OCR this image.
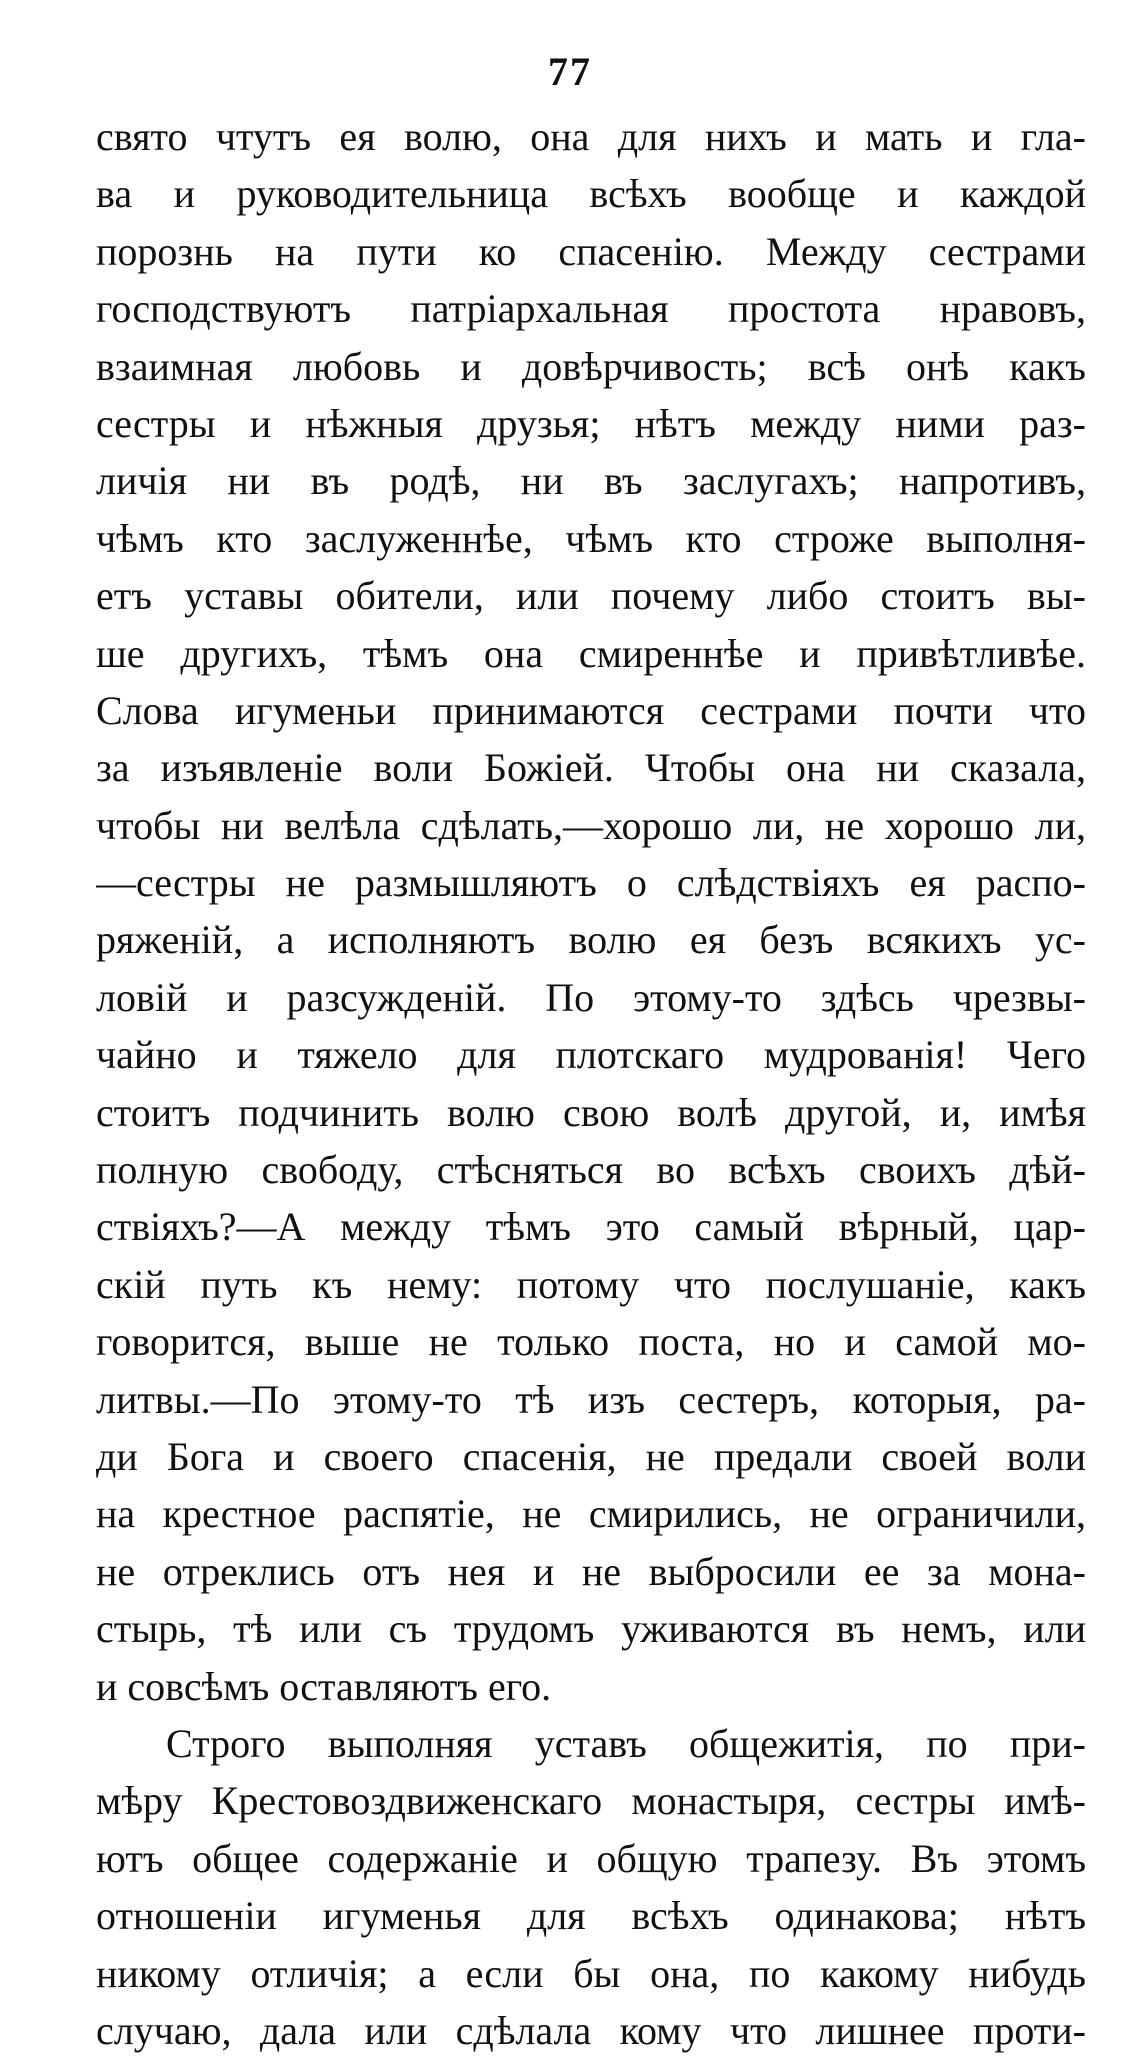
77
свято чтутъ ея волю, она для нихъ и мать и гла-
ва и руководительница всѣхъ вообще и каждой
порознь на пути ко спасенію. Между сестрами
господствуютъ патріархальная простота нравовъ,
взаимная любовь и довѣрчивость; всѣ онѣ какъ
сестры и нѣжныя друзья; нѣтъ между ними раз-
личія ни въ родѣ, ни въ заслугахъ; напротивъ,
чѣмъ кто заслуженнѣе, чѣмъ кто строже выполня-
етъ уставы обители, или почему либо стоитъ вы-
ше другихъ, тѣмъ она смиреннѣе и привѣтливѣе.
Слова игуменьи принимаются сестрами почти что
за изъявленіе воли Божіей. Чтобы она ни сказала,
чтобы ни велѣла сдѣлать,—хорошо ли, не хорошо ли,
—сестры не размышляютъ о слѣдствіяхъ ея распо-
ряженій, а исполняютъ волю ея безъ всякихъ ус-
ловій и разсужденій. По этому-то здѣсь чрезвы-
чайно и тяжело для плотскаго мудрованія! Чего
стоитъ подчинить волю свою волѣ другой, и, имѣя
полную свободу, стѣсняться во всѣхъ своихъ дѣй-
ствіяхъ?—А между тѣмъ это самый вѣрный, цар-
скій путь къ нему: потому что послушаніе, какъ
говорится, выше не только поста, но и самой мо-
литвы.—По этому-то тѣ изъ сестеръ, которыя, ра-
ди Бога и своего спасенія, не предали своей воли
на крестное распятіе, не смирились, не ограничили,
не отреклись отъ нея и не выбросили ее за мона-
стырь, тѣ или съ трудомъ уживаются въ немъ, или
и совсѣмъ оставляютъ его.
Строго выполняя уставъ общежитія, по при-
мѣру Крестовоздвиженскаго монастыря, сестры имѣ-
ютъ общее содержаніе и общую трапезу. Въ этомъ
отношеніи игуменья для всѣхъ одинакова; нѣтъ
никому отличія; а если бы она, по какому нибудь
случаю, дала или сдѣлала кому что лишнее проти-
